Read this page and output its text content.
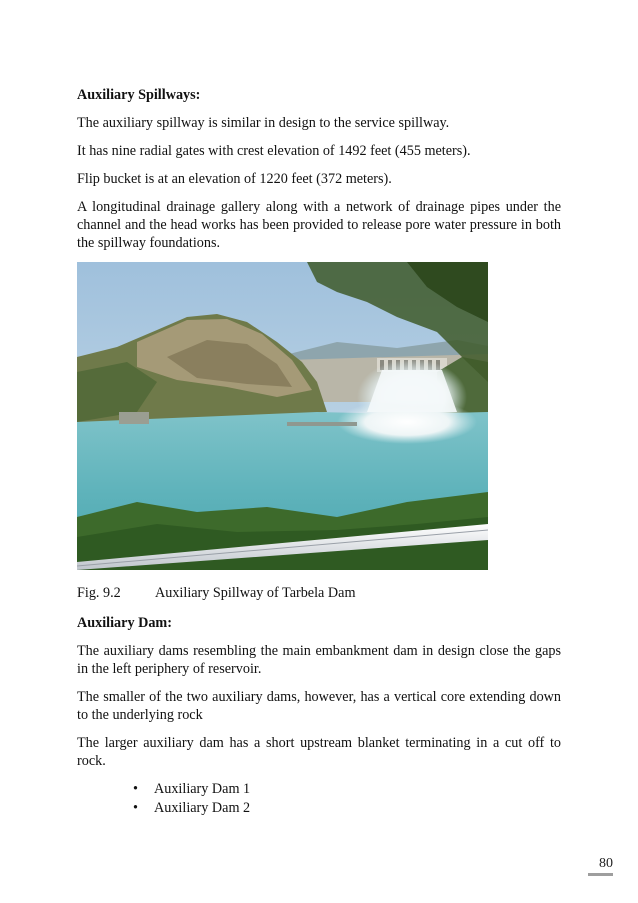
Auxiliary Spillways:

The auxiliary spillway is similar in design to the service spillway.

It has nine radial gates with crest elevation of 1492 feet (455 meters).

Flip bucket is at an elevation of 1220 feet (372 meters).

A longitudinal drainage gallery along with a network of drainage pipes under the channel and the head works has been provided to release pore water pressure in both the spillway foundations.

Fig. 9.2 Auxiliary Spillway of Tarbela Dam
Auxiliary Dam:

The auxiliary dams resembling the main embankment dam in design close the gaps in the left periphery of reservoir.

The smaller of the two auxiliary dams, however, has a vertical core extending down to the underlying rock

The larger auxiliary dam has a short upstream blanket terminating in a cut off to rock.

• Auxiliary Dam 1
• Auxiliary Dam 2
80
